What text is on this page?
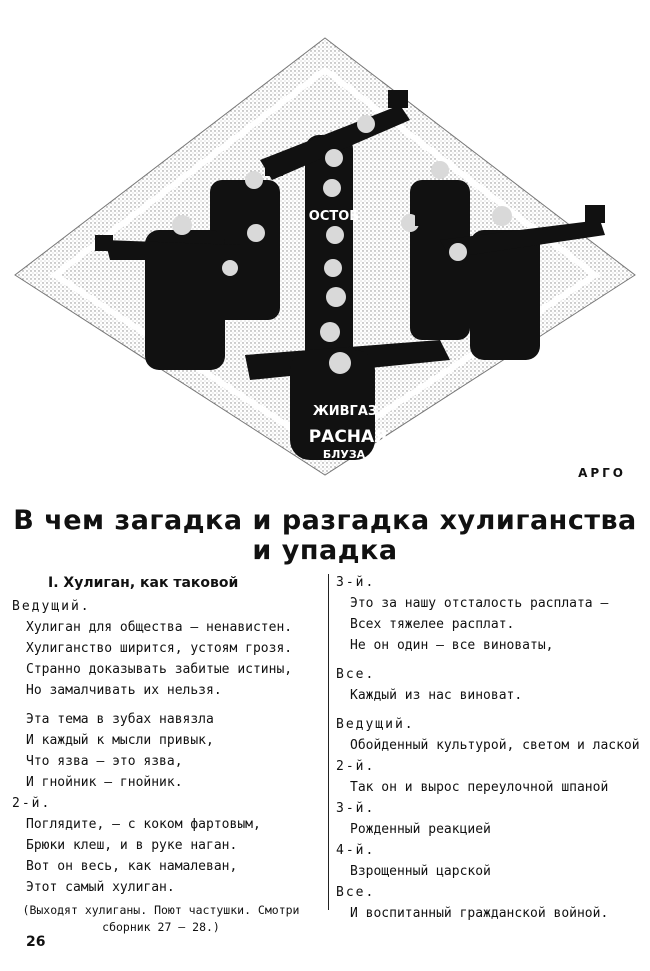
ОСТОБ
ЖИВГАЗ
РАСНАЯ
БЛУЗА
АРГО
В чем загадка и разгадка хулиганства
и упадка
I. Хулиган, как таковой
Ведущий.
Хулиган для общества — ненавистен.
Хулиганство ширится, устоям грозя.
Странно доказывать забитые истины,
Но замалчивать их нельзя.
Эта тема в зубах навязла
И каждый к мысли привык,
Что язва — это язва,
И гнойник — гнойник.
2-й.
Поглядите, — с коком фартовым,
Брюки клеш, и в руке наган.
Вот он весь, как намалеван,
Этот самый хулиган.
(Выходят хулиганы. Поют частушки. Смотри сборник 27 — 28.)
3-й.
Это за нашу отсталость расплата —
Всех тяжелее расплат.
Не он один — все виноваты,
Все.
Каждый из нас виноват.
Ведущий.
Обойденный культурой, светом и лаской
2-й.
Так он и вырос переулочной шпаной
3-й.
Рожденный реакцией
4-й.
Взрощенный царской
Все.
И воспитанный гражданской войной.
26
